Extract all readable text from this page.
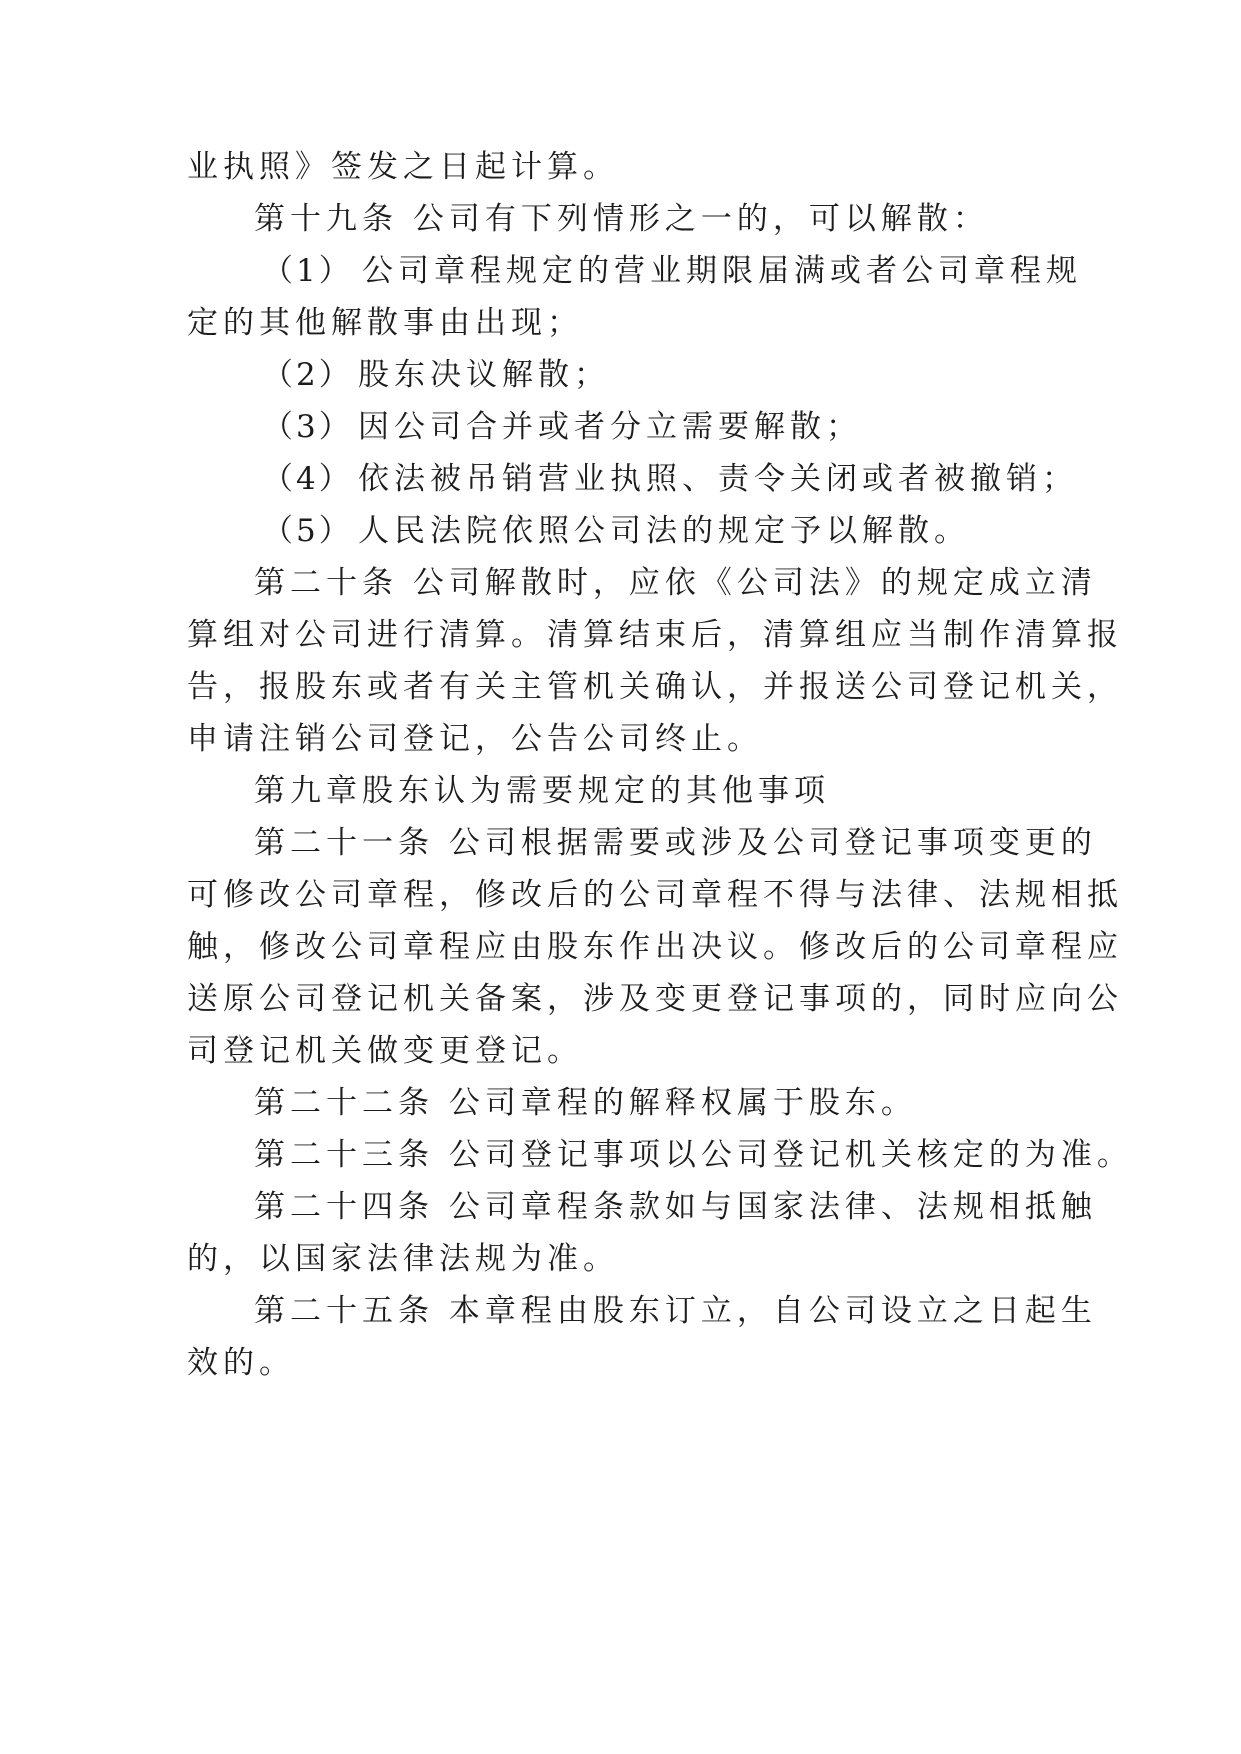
业执照》签发之日起计算。
第十九条 公司有下列情形之一的，可以解散：
（1） 公司章程规定的营业期限届满或者公司章程规
定的其他解散事由出现；
（2） 股东决议解散；
（3） 因公司合并或者分立需要解散；
（4） 依法被吊销营业执照、责令关闭或者被撤销；
（5） 人民法院依照公司法的规定予以解散。
第二十条 公司解散时，应依《公司法》的规定成立清
算组对公司进行清算。清算结束后，清算组应当制作清算报
告，报股东或者有关主管机关确认，并报送公司登记机关，
申请注销公司登记，公告公司终止。
第九章股东认为需要规定的其他事项
第二十一条 公司根据需要或涉及公司登记事项变更的
可修改公司章程，修改后的公司章程不得与法律、法规相抵
触，修改公司章程应由股东作出决议。修改后的公司章程应
送原公司登记机关备案，涉及变更登记事项的，同时应向公
司登记机关做变更登记。
第二十二条 公司章程的解释权属于股东。
第二十三条 公司登记事项以公司登记机关核定的为准。
第二十四条 公司章程条款如与国家法律、法规相抵触
的，以国家法律法规为准。
第二十五条 本章程由股东订立，自公司设立之日起生
效的。
